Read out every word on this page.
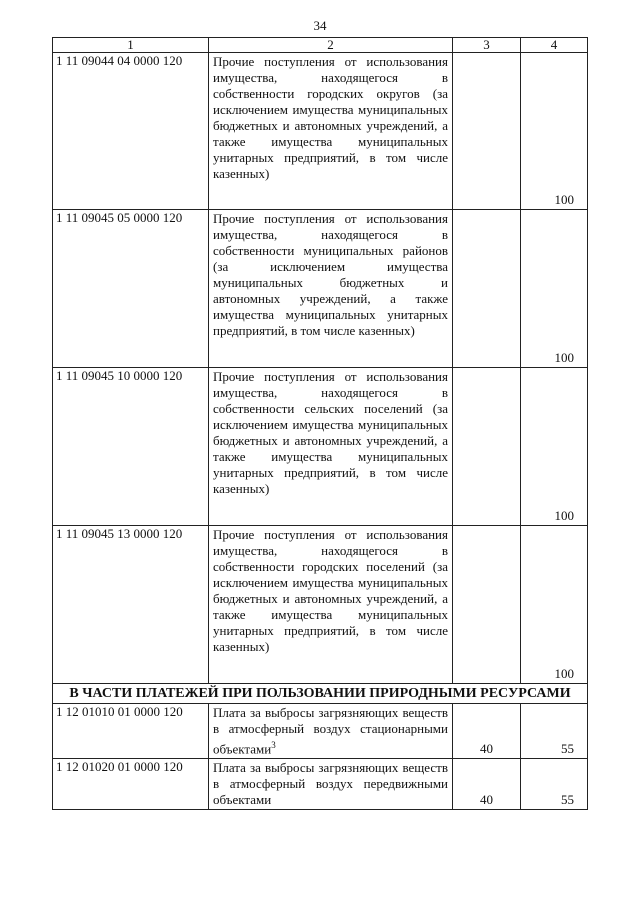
34
1	2	3	4
1 11 09044 04 0000 120	Прочие поступления от использования имущества, находящегося в собственности городских округов (за исключением имущества муниципальных бюджетных и автономных учреждений, а также имущества муниципальных унитарных предприятий, в том числе казенных)		100
1 11 09045 05 0000 120	Прочие поступления от использования имущества, находящегося в собственности муниципальных районов (за исключением имущества муниципальных бюджетных и автономных учреждений, а также имущества муниципальных унитарных предприятий, в том числе казенных)		100
1 11 09045 10 0000 120	Прочие поступления от использования имущества, находящегося в собственности сельских поселений (за исключением имущества муниципальных бюджетных и автономных учреждений, а также имущества муниципальных унитарных предприятий, в том числе казенных)		100
1 11 09045 13 0000 120	Прочие поступления от использования имущества, находящегося в собственности городских поселений (за исключением имущества муниципальных бюджетных и автономных учреждений, а также имущества муниципальных унитарных предприятий, в том числе казенных)		100
В ЧАСТИ ПЛАТЕЖЕЙ ПРИ ПОЛЬЗОВАНИИ ПРИРОДНЫМИ РЕСУРСАМИ			
1 12 01010 01 0000 120	Плата за выбросы загрязняющих веществ в атмосферный воздух стационарными объектами$^3$	40	55
1 12 01020 01 0000 120	Плата за выбросы загрязняющих веществ в атмосферный воздух передвижными объектами	40	55
